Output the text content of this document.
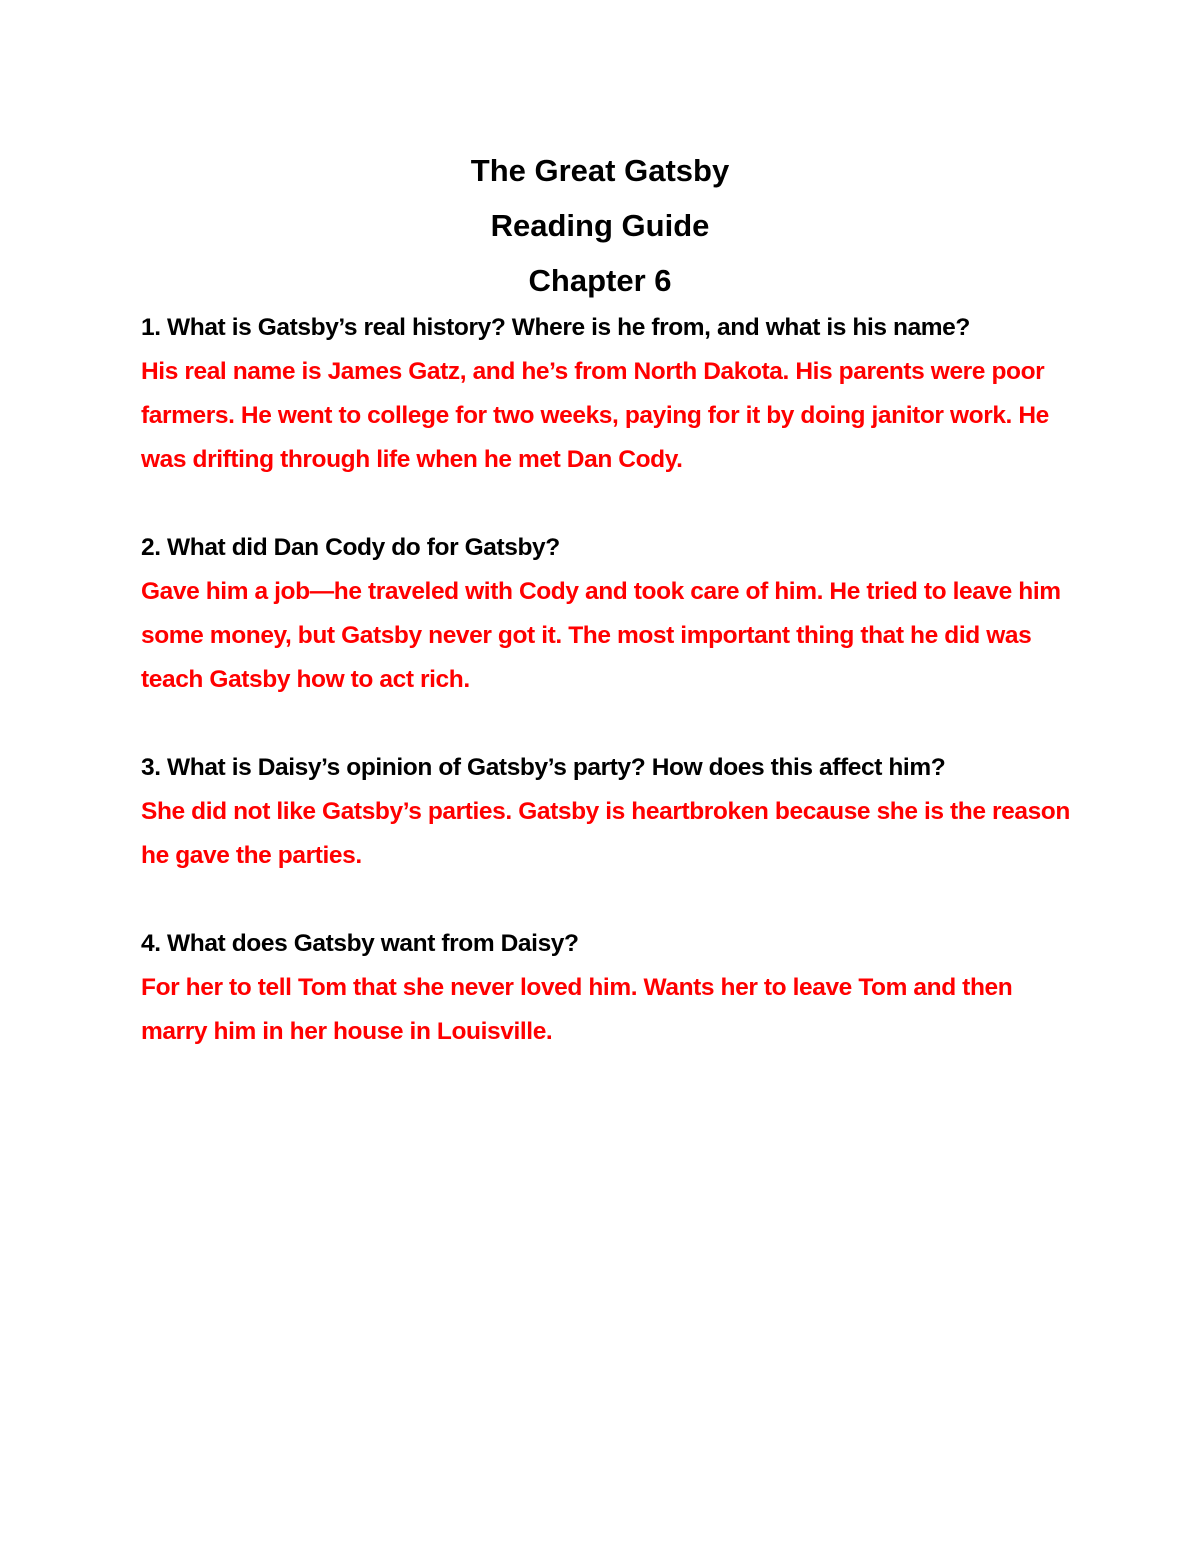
The Great Gatsby

Reading Guide

Chapter 6

1. What is Gatsby’s real history? Where is he from, and what is his name?

His real name is James Gatz, and he’s from North Dakota. His parents were poor farmers. He went to college for two weeks, paying for it by doing janitor work. He was drifting through life when he met Dan Cody.

2. What did Dan Cody do for Gatsby?

Gave him a job—he traveled with Cody and took care of him. He tried to leave him some money, but Gatsby never got it. The most important thing that he did was teach Gatsby how to act rich.

3. What is Daisy’s opinion of Gatsby’s party? How does this affect him?

She did not like Gatsby’s parties. Gatsby is heartbroken because she is the reason he gave the parties.

4. What does Gatsby want from Daisy?

For her to tell Tom that she never loved him. Wants her to leave Tom and then marry him in her house in Louisville.
